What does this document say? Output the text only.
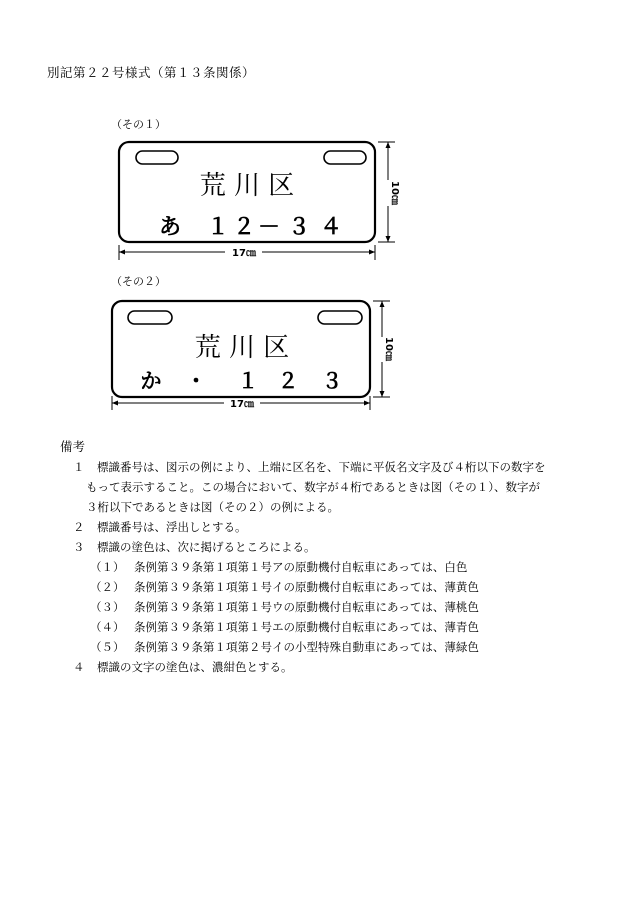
別記第２２号様式（第１３条関係）
（その１）
荒 川 区
あ １ ２ － ３ ４
17㎝
10㎝
（その２）
荒 川 区
か ・ １ ２ ３
17㎝
10㎝
備考
１ 標識番号は、図示の例により、上端に区名を、下端に平仮名文字及び４桁以下の数字を
もって表示すること。この場合において、数字が４桁であるときは図（その１）、数字が
３桁以下であるときは図（その２）の例による。
２ 標識番号は、浮出しとする。
３ 標識の塗色は、次に掲げるところによる。
（１） 条例第３９条第１項第１号アの原動機付自転車にあっては、白色
（２） 条例第３９条第１項第１号イの原動機付自転車にあっては、薄黄色
（３） 条例第３９条第１項第１号ウの原動機付自転車にあっては、薄桃色
（４） 条例第３９条第１項第１号エの原動機付自転車にあっては、薄青色
（５） 条例第３９条第１項第２号イの小型特殊自動車にあっては、薄緑色
４ 標識の文字の塗色は、濃紺色とする。
